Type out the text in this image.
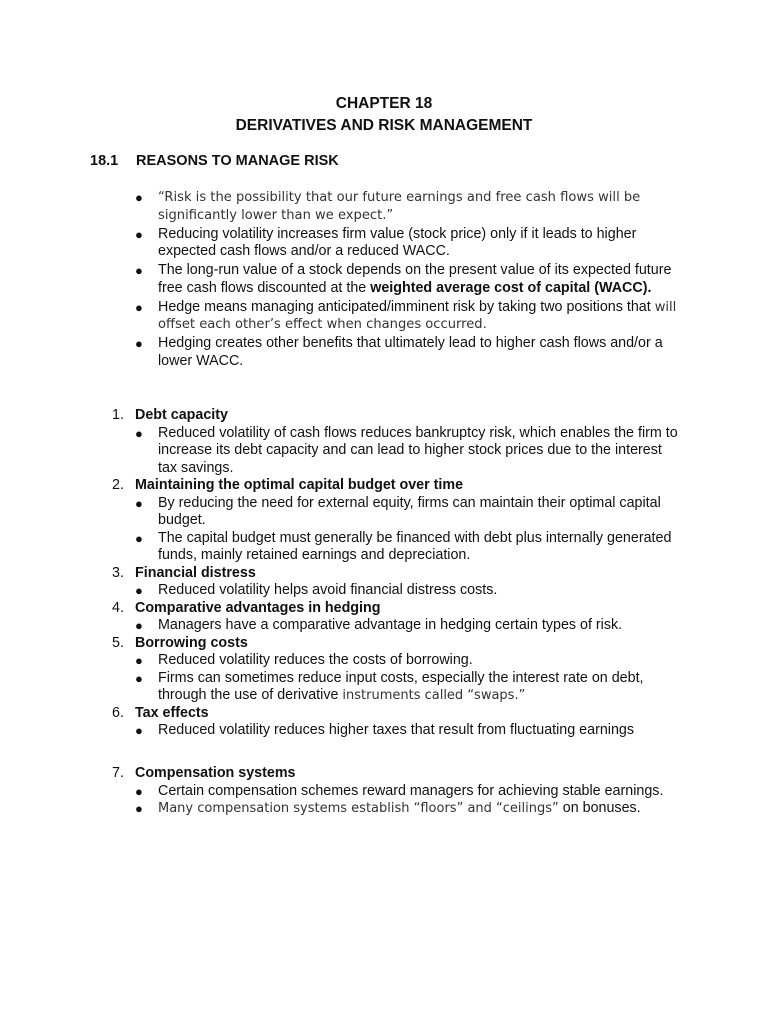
CHAPTER 18
DERIVATIVES AND RISK MANAGEMENT
18.1 REASONS TO MANAGE RISK
● “Risk is the possibility that our future earnings and free cash flows will be significantly lower than we expect.”
● Reducing volatility increases firm value (stock price) only if it leads to higher expected cash flows and/or a reduced WACC.
● The long-run value of a stock depends on the present value of its expected future free cash flows discounted at the weighted average cost of capital (WACC).
● Hedge means managing anticipated/imminent risk by taking two positions that will offset each other’s effect when changes occurred.
● Hedging creates other benefits that ultimately lead to higher cash flows and/or a lower WACC.
1. Debt capacity
● Reduced volatility of cash flows reduces bankruptcy risk, which enables the firm to increase its debt capacity and can lead to higher stock prices due to the interest tax savings.
2. Maintaining the optimal capital budget over time
● By reducing the need for external equity, firms can maintain their optimal capital budget.
● The capital budget must generally be financed with debt plus internally generated funds, mainly retained earnings and depreciation.
3. Financial distress
● Reduced volatility helps avoid financial distress costs.
4. Comparative advantages in hedging
● Managers have a comparative advantage in hedging certain types of risk.
5. Borrowing costs
● Reduced volatility reduces the costs of borrowing.
● Firms can sometimes reduce input costs, especially the interest rate on debt, through the use of derivative instruments called “swaps.”
6. Tax effects
● Reduced volatility reduces higher taxes that result from fluctuating earnings
7. Compensation systems
● Certain compensation schemes reward managers for achieving stable earnings.
● Many compensation systems establish “floors” and “ceilings” on bonuses.
